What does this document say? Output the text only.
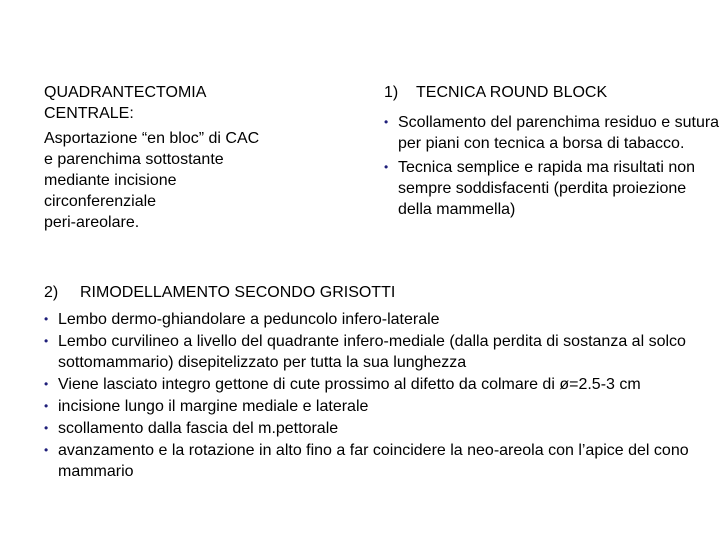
QUADRANTECTOMIA
CENTRALE:
Asportazione “en bloc” di CAC
e parenchima sottostante
mediante incisione
circonferenziale
peri-areolare.
1) TECNICA ROUND BLOCK
• Scollamento del parenchima residuo e sutura per piani con tecnica a borsa di tabacco.
• Tecnica semplice e rapida ma risultati non sempre soddisfacenti (perdita proiezione della mammella)
2) RIMODELLAMENTO SECONDO GRISOTTI
• Lembo dermo-ghiandolare a peduncolo infero-laterale
• Lembo curvilineo a livello del quadrante infero-mediale (dalla perdita di sostanza al solco sottomammario) disepitelizzato per tutta la sua lunghezza
• Viene lasciato integro gettone di cute prossimo al difetto da colmare di ø=2.5-3 cm
• incisione lungo il margine mediale e laterale
• scollamento dalla fascia del m.pettorale
• avanzamento e la rotazione in alto fino a far coincidere la neo-areola con l’apice del cono mammario
